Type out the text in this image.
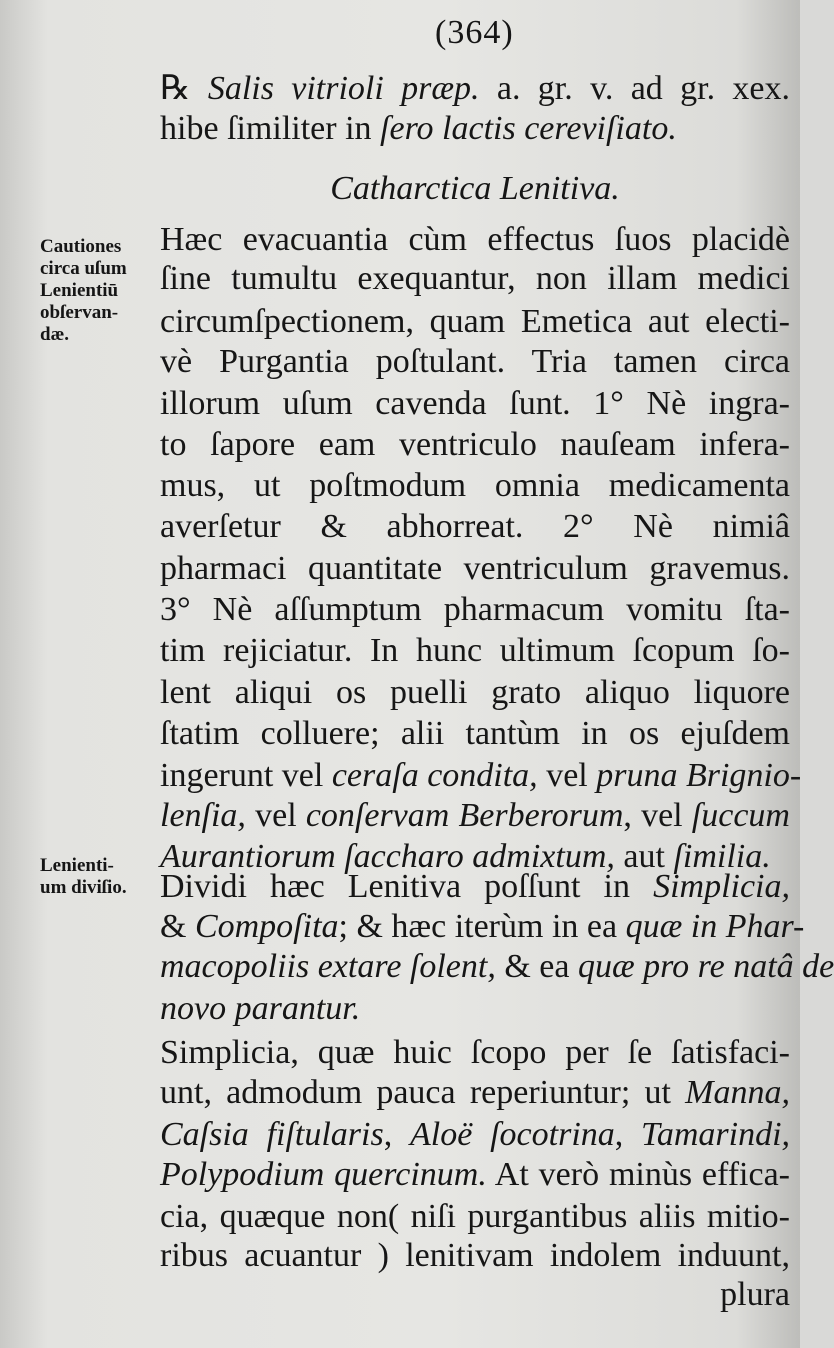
(364)
℞ Salis vitrioli præp. a. gr. v. ad gr. xex.
hibe ſimiliter in ſero lactis cereviſiato.
Catharctica Lenitiva.
Hæc evacuantia cùm effectus ſuos placidè
ſine tumultu exequantur, non illam medici
circumſpectionem, quam Emetica aut electi-
vè Purgantia poſtulant. Tria tamen circa
illorum uſum cavenda ſunt. 1° Nè ingra-
to ſapore eam ventriculo nauſeam infera-
mus, ut poſtmodum omnia medicamenta
averſetur & abhorreat. 2° Nè nimiâ
pharmaci quantitate ventriculum gravemus.
3° Nè aſſumptum pharmacum vomitu ſta-
tim rejiciatur. In hunc ultimum ſcopum ſo-
lent aliqui os puelli grato aliquo liquore
ſtatim colluere; alii tantùm in os ejuſdem
ingerunt vel ceraſa condita, vel pruna Brignio-
lenſia, vel conſervam Berberorum, vel ſuccum
Aurantiorum ſaccharo admixtum, aut ſimilia.
Dividi hæc Lenitiva poſſunt in Simplicia,
& Compoſita; & hæc iterùm in ea quæ in Phar-
macopoliis extare ſolent, & ea quæ pro re natâ de
novo parantur.
Simplicia, quæ huic ſcopo per ſe ſatisfaci-
unt, admodum pauca reperiuntur; ut Manna,
Caſsia fiſtularis, Aloë ſocotrina, Tamarindi,
Polypodium quercinum. At verò minùs effica-
cia, quæque non( niſi purgantibus aliis mitio-
ribus acuantur ) lenitivam indolem induunt,
plura
Cautiones
circa uſum
Lenientiū
obſervan-
dæ.
Lenienti-
um diviſio.
